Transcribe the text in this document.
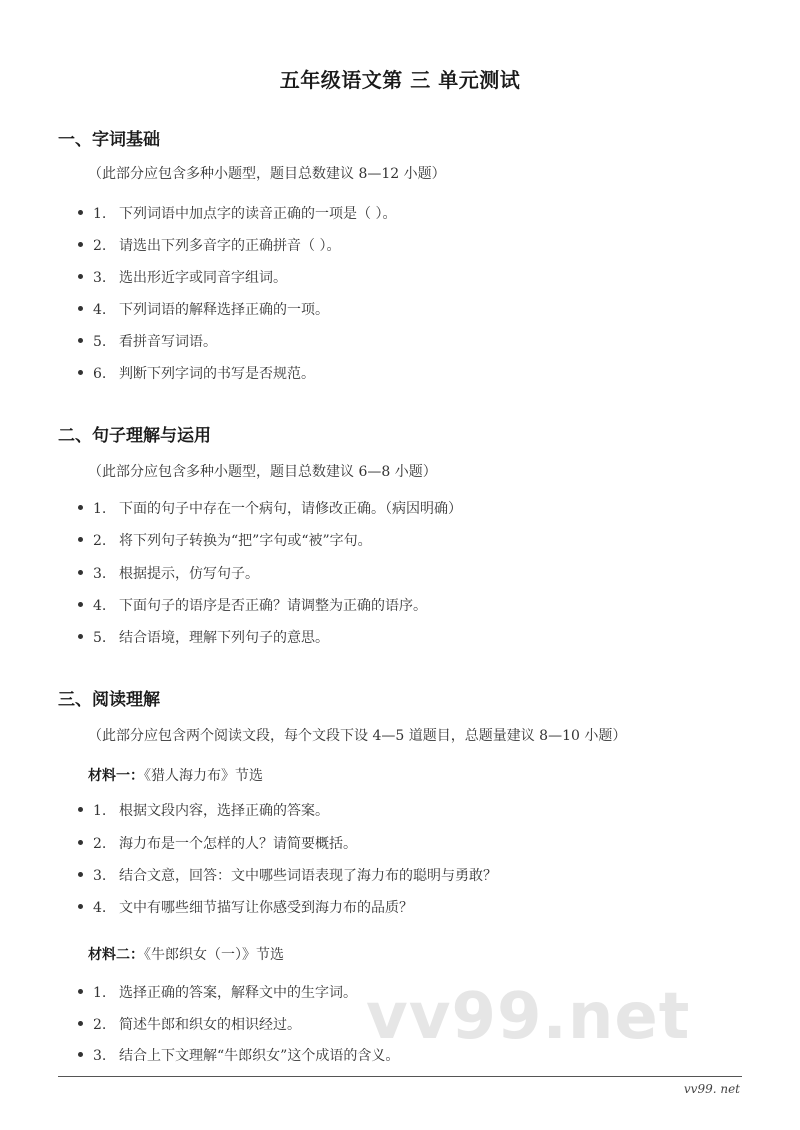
五年级语文第 三 单元测试
一、字词基础
（此部分应包含多种小题型，题目总数建议 8—12 小题）
1. 下列词语中加点字的读音正确的一项是（ ）。
2. 请选出下列多音字的正确拼音（ ）。
3. 选出形近字或同音字组词。
4. 下列词语的解释选择正确的一项。
5. 看拼音写词语。
6. 判断下列字词的书写是否规范。
二、句子理解与运用
（此部分应包含多种小题型，题目总数建议 6—8 小题）
1. 下面的句子中存在一个病句，请修改正确。（病因明确）
2. 将下列句子转换为“把”字句或“被”字句。
3. 根据提示，仿写句子。
4. 下面句子的语序是否正确？请调整为正确的语序。
5. 结合语境，理解下列句子的意思。
三、阅读理解
（此部分应包含两个阅读文段，每个文段下设 4—5 道题目，总题量建议 8—10 小题）
材料一：《猎人海力布》节选
1. 根据文段内容，选择正确的答案。
2. 海力布是一个怎样的人？请简要概括。
3. 结合文意，回答：文中哪些词语表现了海力布的聪明与勇敢？
4. 文中有哪些细节描写让你感受到海力布的品质？
材料二：《牛郎织女（一）》节选
1. 选择正确的答案，解释文中的生字词。
2. 简述牛郎和织女的相识经过。
3. 结合上下文理解“牛郎织女”这个成语的含义。
vv99.net
vv99. net
